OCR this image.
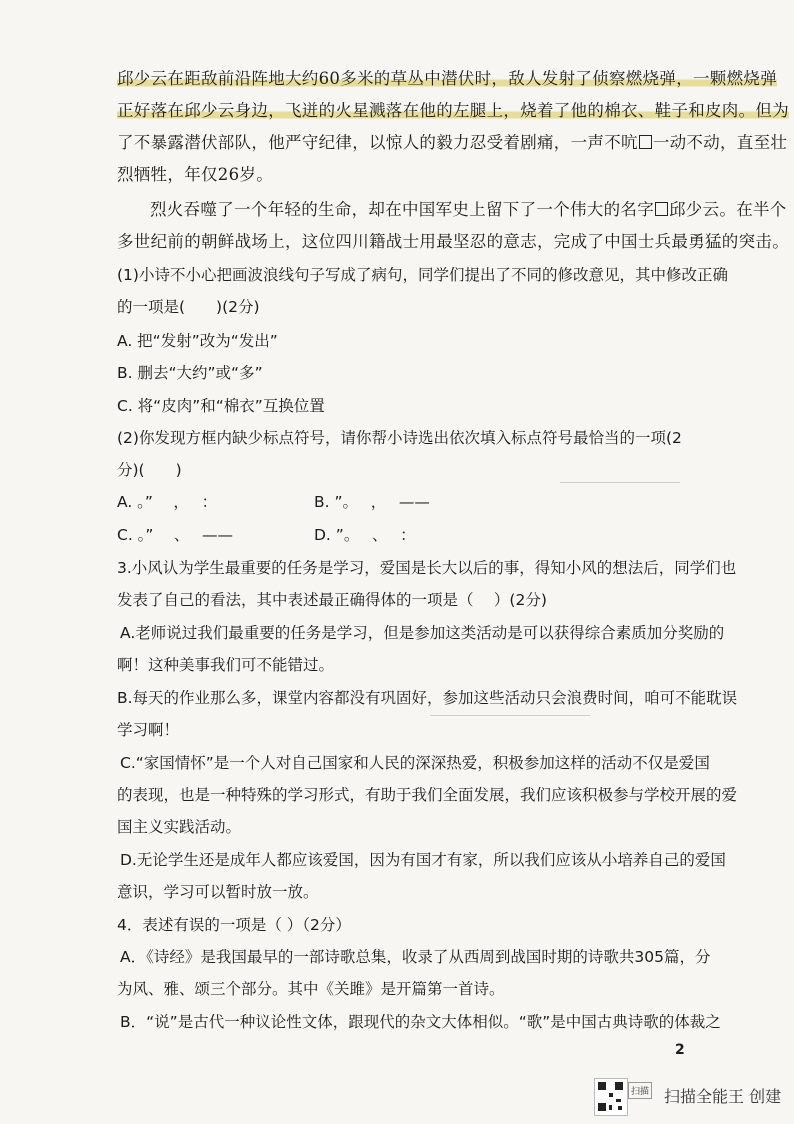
邱少云在距敌前沿阵地大约60多米的草丛中潜伏时，敌人发射了侦察燃烧弹，一颗燃烧弹
正好落在邱少云身边，飞迸的火星溅落在他的左腿上，烧着了他的棉衣、鞋子和皮肉。但为
了不暴露潜伏部队，他严守纪律，以惊人的毅力忍受着剧痛，一声不吭 一动不动，直至壮
烈牺牲，年仅26岁。
烈火吞噬了一个年轻的生命，却在中国军史上留下了一个伟大的名字 邱少云。在半个
多世纪前的朝鲜战场上，这位四川籍战士用最坚忍的意志，完成了中国士兵最勇猛的突击。
(1)小诗不小心把画波浪线句子写成了病句，同学们提出了不同的修改意见，其中修改正确
的一项是(　　)(2分)
A. 把“发射”改为“发出”
B. 删去“大约”或“多”
C. 将“皮肉”和“棉衣”互换位置
(2)你发现方框内缺少标点符号，请你帮小诗选出依次填入标点符号最恰当的一项(2
分)(　　)
A. 。”　 ，　 ：	B. ”。　 ，　 ——
C. 。”　 、　 ——	D. ”。　 、　 ：
3.小风认为学生最重要的任务是学习，爱国是长大以后的事，得知小风的想法后，同学们也
发表了自己的看法，其中表述最正确得体的一项是（　 ）(2分)
A.老师说过我们最重要的任务是学习，但是参加这类活动是可以获得综合素质加分奖励的
啊！这种美事我们可不能错过。
B.每天的作业那么多，课堂内容都没有巩固好，参加这些活动只会浪费时间，咱可不能耽误
学习啊！
C.“家国情怀”是一个人对自己国家和人民的深深热爱，积极参加这样的活动不仅是爱国
的表现，也是一种特殊的学习形式，有助于我们全面发展，我们应该积极参与学校开展的爱
国主义实践活动。
D.无论学生还是成年人都应该爱国，因为有国才有家，所以我们应该从小培养自己的爱国
意识，学习可以暂时放一放。
4．表述有误的一项是（ ）（2分）
A．《诗经》是我国最早的一部诗歌总集，收录了从西周到战国时期的诗歌共305篇，分
为风、雅、颂三个部分。其中《关雎》是开篇第一首诗。
B．“说”是古代一种议论性文体，跟现代的杂文大体相似。“歌”是中国古典诗歌的体裁之
2
扫描 扫描全能王 创建
